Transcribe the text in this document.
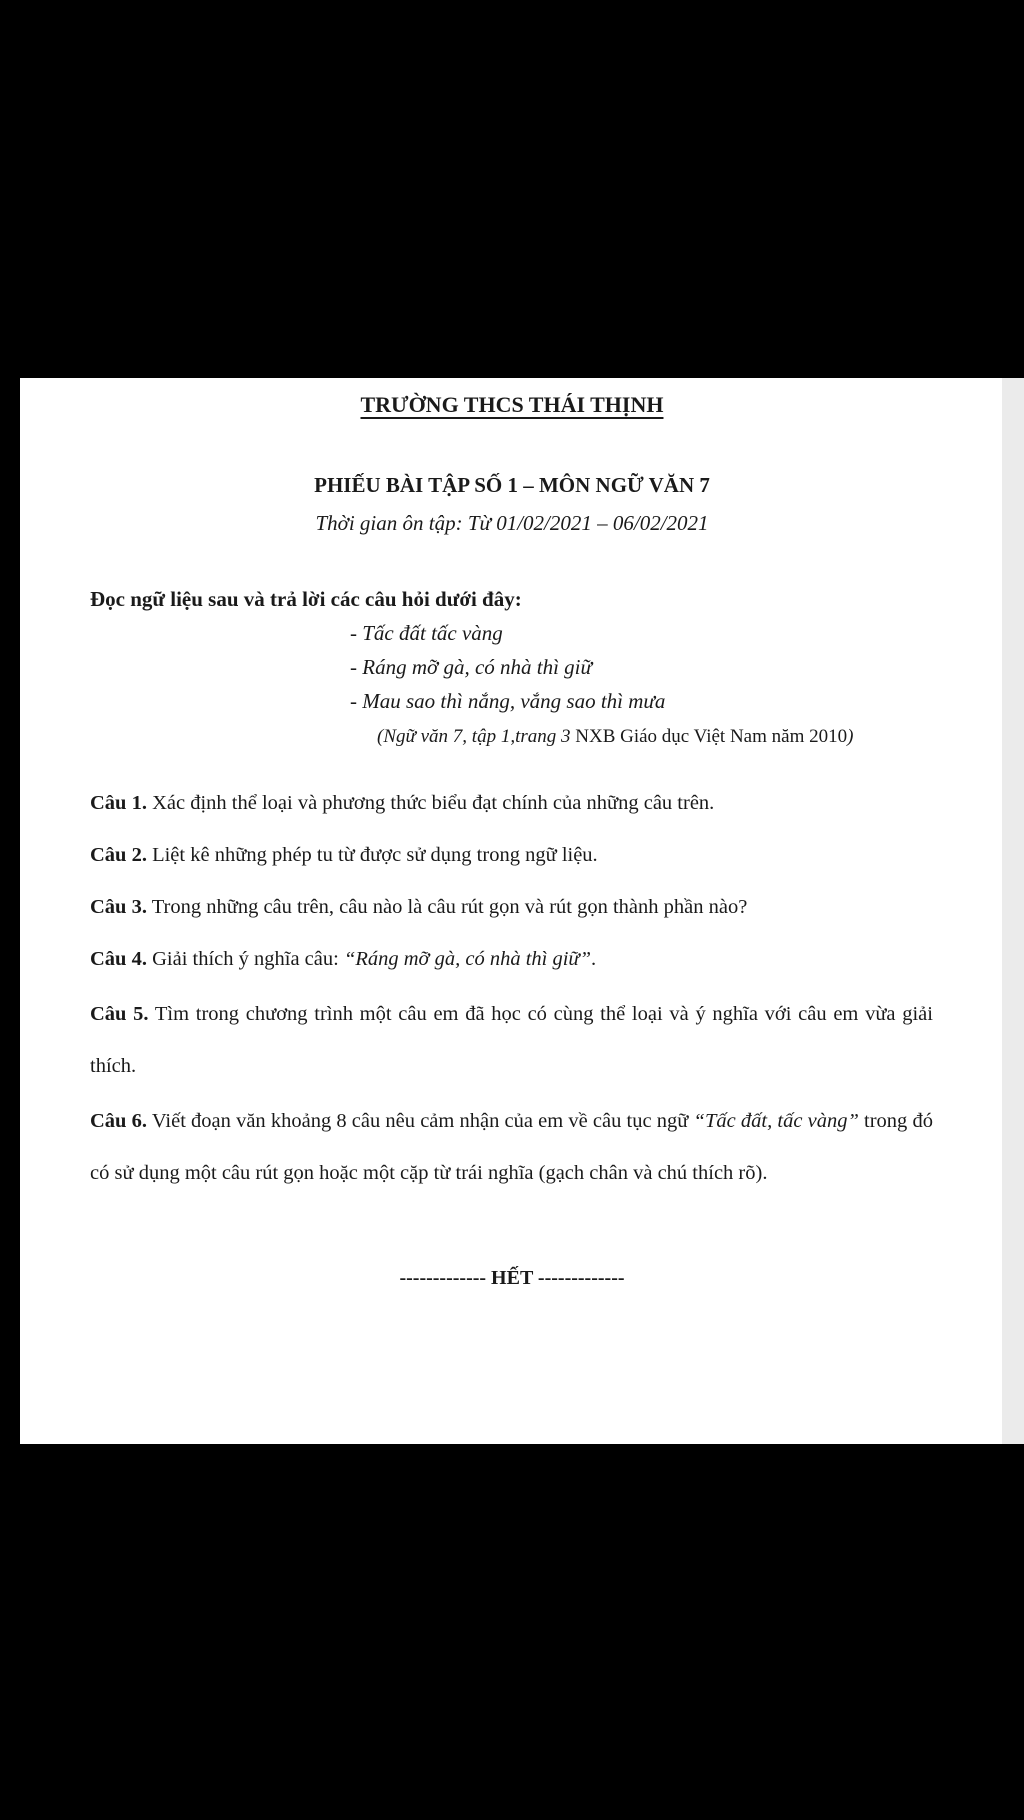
TRƯỜNG THCS THÁI THỊNH
PHIẾU BÀI TẬP SỐ 1 – MÔN NGỮ VĂN 7
Thời gian ôn tập: Từ 01/02/2021 – 06/02/2021
Đọc ngữ liệu sau và trả lời các câu hỏi dưới đây:
- Tấc đất tấc vàng
- Ráng mỡ gà, có nhà thì giữ
- Mau sao thì nắng, vắng sao thì mưa
(Ngữ văn 7, tập 1,trang 3 NXB Giáo dục Việt Nam năm 2010)
Câu 1. Xác định thể loại và phương thức biểu đạt chính của những câu trên.
Câu 2. Liệt kê những phép tu từ được sử dụng trong ngữ liệu.
Câu 3. Trong những câu trên, câu nào là câu rút gọn và rút gọn thành phần nào?
Câu 4. Giải thích ý nghĩa câu: “Ráng mỡ gà, có nhà thì giữ”.
Câu 5. Tìm trong chương trình một câu em đã học có cùng thể loại và ý nghĩa với câu em vừa giải thích.
Câu 6. Viết đoạn văn khoảng 8 câu nêu cảm nhận của em về câu tục ngữ “Tấc đất, tấc vàng” trong đó có sử dụng một câu rút gọn hoặc một cặp từ trái nghĩa (gạch chân và chú thích rõ).
------------- HẾT -------------
